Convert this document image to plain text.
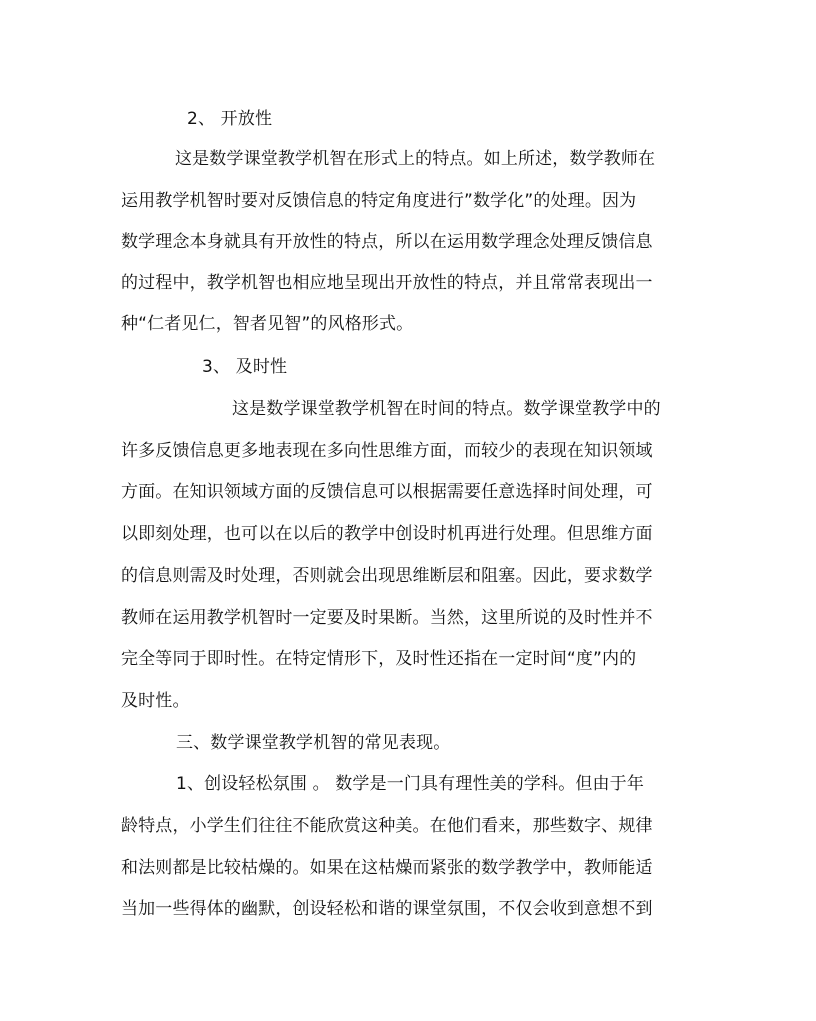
2、 开放性
这是数学课堂教学机智在形式上的特点。如上所述，数学教师在
运用教学机智时要对反馈信息的特定角度进行”数学化”的处理。因为
数学理念本身就具有开放性的特点，所以在运用数学理念处理反馈信息
的过程中，教学机智也相应地呈现出开放性的特点，并且常常表现出一
种“仁者见仁，智者见智”的风格形式。
3、 及时性
这是数学课堂教学机智在时间的特点。数学课堂教学中的
许多反馈信息更多地表现在多向性思维方面，而较少的表现在知识领域
方面。在知识领域方面的反馈信息可以根据需要任意选择时间处理，可
以即刻处理，也可以在以后的教学中创设时机再进行处理。但思维方面
的信息则需及时处理，否则就会出现思维断层和阻塞。因此，要求数学
教师在运用教学机智时一定要及时果断。当然，这里所说的及时性并不
完全等同于即时性。在特定情形下，及时性还指在一定时间“度”内的
及时性。
三、数学课堂教学机智的常见表现。
1、创设轻松氛围 。 数学是一门具有理性美的学科。但由于年
龄特点，小学生们往往不能欣赏这种美。在他们看来，那些数字、规律
和法则都是比较枯燥的。如果在这枯燥而紧张的数学教学中，教师能适
当加一些得体的幽默，创设轻松和谐的课堂氛围，不仅会收到意想不到
